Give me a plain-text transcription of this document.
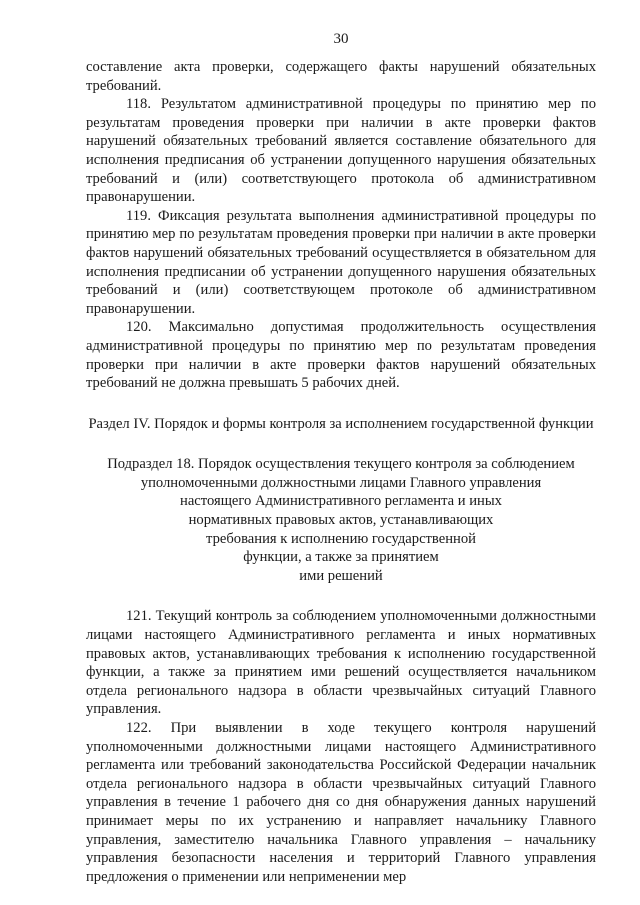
30

составление акта проверки, содержащего факты нарушений обязательных требований.

118. Результатом административной процедуры по принятию мер по результатам проведения проверки при наличии в акте проверки фактов нарушений обязательных требований является составление обязательного для исполнения предписания об устранении допущенного нарушения обязательных требований и (или) соответствующего протокола об административном правонарушении.

119. Фиксация результата выполнения административной процедуры по принятию мер по результатам проведения проверки при наличии в акте проверки фактов нарушений обязательных требований осуществляется в обязательном для исполнения предписании об устранении допущенного нарушения обязательных требований и (или) соответствующем протоколе об административном правонарушении.

120. Максимально допустимая продолжительность осуществления административной процедуры по принятию мер по результатам проведения проверки при наличии в акте проверки фактов нарушений обязательных требований не должна превышать 5 рабочих дней.

Раздел IV. Порядок и формы контроля за исполнением государственной функции
Подраздел 18. Порядок осуществления текущего контроля за соблюдением
уполномоченными должностными лицами Главного управления
настоящего Административного регламента и иных
нормативных правовых актов, устанавливающих
требования к исполнению государственной
функции, а также за принятием
ими решений

121. Текущий контроль за соблюдением уполномоченными должностными лицами настоящего Административного регламента и иных нормативных правовых актов, устанавливающих требования к исполнению государственной функции, а также за принятием ими решений осуществляется начальником отдела регионального надзора в области чрезвычайных ситуаций Главного управления.

122. При выявлении в ходе текущего контроля нарушений уполномоченными должностными лицами настоящего Административного регламента или требований законодательства Российской Федерации начальник отдела регионального надзора в области чрезвычайных ситуаций Главного управления в течение 1 рабочего дня со дня обнаружения данных нарушений принимает меры по их устранению и направляет начальнику Главного управления, заместителю начальника Главного управления – начальнику управления безопасности населения и территорий Главного управления предложения о применении или неприменении мер
